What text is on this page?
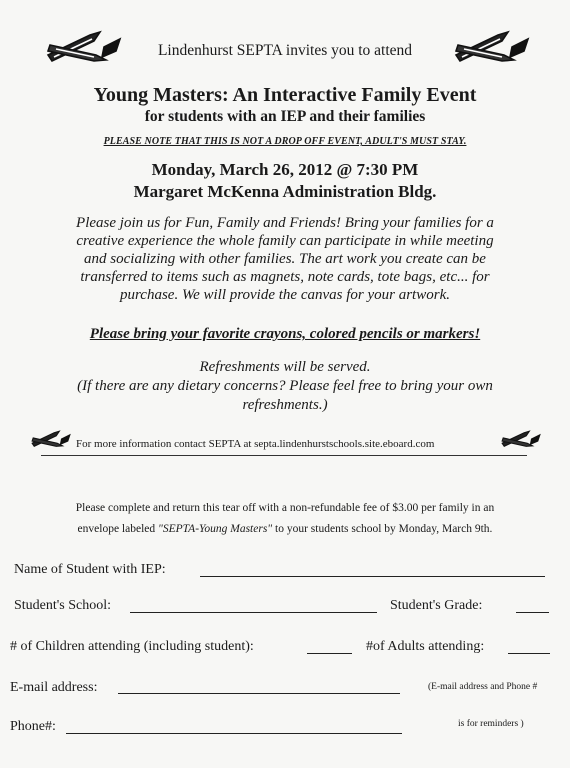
Lindenhurst SEPTA invites you to attend
Young Masters: An Interactive Family Event
for students with an IEP and their families
PLEASE NOTE THAT THIS IS NOT A DROP OFF EVENT, ADULT'S MUST STAY.
Monday, March 26, 2012 @ 7:30 PM
Margaret McKenna Administration Bldg.
Please join us for Fun, Family and Friends! Bring your families for a
creative experience the whole family can participate in while meeting
and socializing with other families. The art work you create can be
transferred to items such as magnets, note cards, tote bags, etc... for
purchase. We will provide the canvas for your artwork.
Please bring your favorite crayons, colored pencils or markers!
Refreshments will be served.
(If there are any dietary concerns? Please feel free to bring your own
refreshments.)
For more information contact SEPTA at septa.lindenhurstschools.site.eboard.com
Please complete and return this tear off with a non-refundable fee of $3.00 per family in an
envelope labeled "SEPTA-Young Masters" to your students school by Monday, March 9th.
Name of Student with IEP:
Student's School:	Student's Grade:
# of Children attending (including student):	#of Adults attending:
E-mail address:	(E-mail address and Phone #
Phone#:	is for reminders )
